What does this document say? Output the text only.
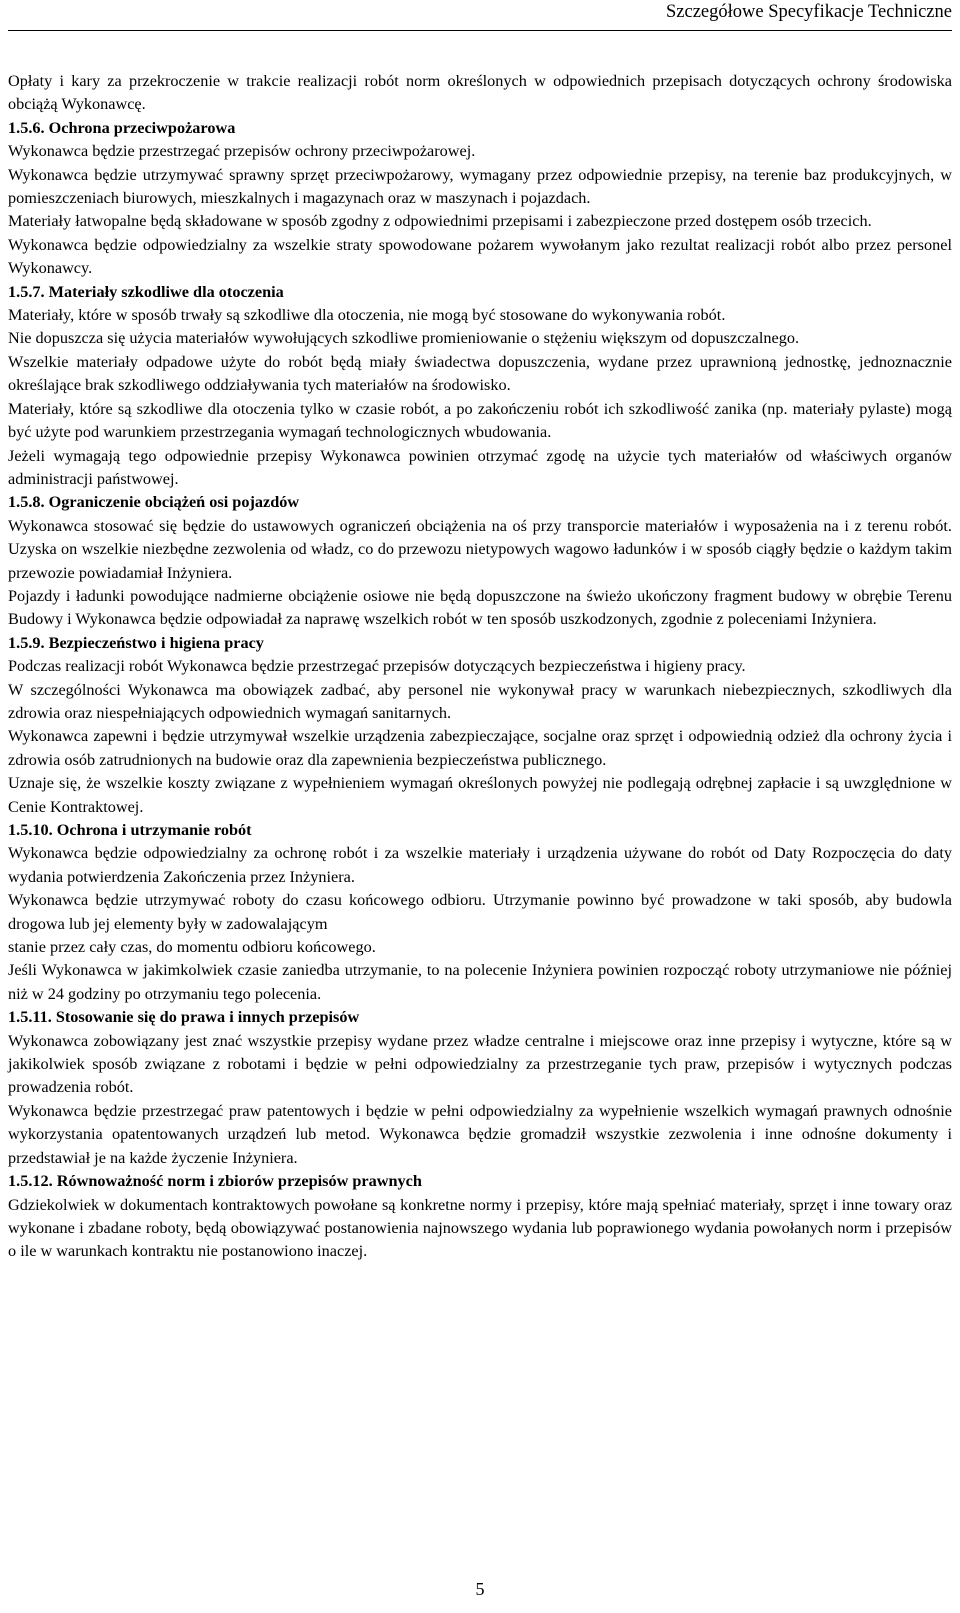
Szczegółowe Specyfikacje Techniczne

Opłaty i kary za przekroczenie w trakcie realizacji robót norm określonych w odpowiednich przepisach dotyczących ochrony środowiska obciążą Wykonawcę.

1.5.6. Ochrona przeciwpożarowa

Wykonawca będzie przestrzegać przepisów ochrony przeciwpożarowej.

Wykonawca będzie utrzymywać sprawny sprzęt przeciwpożarowy, wymagany przez odpowiednie przepisy, na terenie baz produkcyjnych, w pomieszczeniach biurowych, mieszkalnych i magazynach oraz w maszynach i pojazdach.

Materiały łatwopalne będą składowane w sposób zgodny z odpowiednimi przepisami i zabezpieczone przed dostępem osób trzecich.

Wykonawca będzie odpowiedzialny za wszelkie straty spowodowane pożarem wywołanym jako rezultat realizacji robót albo przez personel Wykonawcy.

1.5.7. Materiały szkodliwe dla otoczenia

Materiały, które w sposób trwały są szkodliwe dla otoczenia, nie mogą być stosowane do wykonywania robót.

Nie dopuszcza się użycia materiałów wywołujących szkodliwe promieniowanie o stężeniu większym od dopuszczalnego.

Wszelkie materiały odpadowe użyte do robót będą miały świadectwa dopuszczenia, wydane przez uprawnioną jednostkę, jednoznacznie określające brak szkodliwego oddziaływania tych materiałów na środowisko.

Materiały, które są szkodliwe dla otoczenia tylko w czasie robót, a po zakończeniu robót ich szkodliwość zanika (np. materiały pylaste) mogą być użyte pod warunkiem przestrzegania wymagań technologicznych wbudowania.

Jeżeli wymagają tego odpowiednie przepisy Wykonawca powinien otrzymać zgodę na użycie tych materiałów od właściwych organów administracji państwowej.

1.5.8. Ograniczenie obciążeń osi pojazdów

Wykonawca stosować się będzie do ustawowych ograniczeń obciążenia na oś przy transporcie materiałów i wyposażenia na i z terenu robót. Uzyska on wszelkie niezbędne zezwolenia od władz, co do przewozu nietypowych wagowo ładunków i w sposób ciągły będzie o każdym takim przewozie powiadamiał Inżyniera.

Pojazdy i ładunki powodujące nadmierne obciążenie osiowe nie będą dopuszczone na świeżo ukończony fragment budowy w obrębie Terenu Budowy i Wykonawca będzie odpowiadał za naprawę wszelkich robót w ten sposób uszkodzonych, zgodnie z poleceniami Inżyniera.

1.5.9. Bezpieczeństwo i higiena pracy

Podczas realizacji robót Wykonawca będzie przestrzegać przepisów dotyczących bezpieczeństwa i higieny pracy.

W szczególności Wykonawca ma obowiązek zadbać, aby personel nie wykonywał pracy w warunkach niebezpiecznych, szkodliwych dla zdrowia oraz niespełniających odpowiednich wymagań sanitarnych.

Wykonawca zapewni i będzie utrzymywał wszelkie urządzenia zabezpieczające, socjalne oraz sprzęt i odpowiednią odzież dla ochrony życia i zdrowia osób zatrudnionych na budowie oraz dla zapewnienia bezpieczeństwa publicznego.

Uznaje się, że wszelkie koszty związane z wypełnieniem wymagań określonych powyżej nie podlegają odrębnej zapłacie i są uwzględnione w Cenie Kontraktowej.

1.5.10. Ochrona i utrzymanie robót

Wykonawca będzie odpowiedzialny za ochronę robót i za wszelkie materiały i urządzenia używane do robót od Daty Rozpoczęcia do daty wydania potwierdzenia Zakończenia przez Inżyniera.

Wykonawca będzie utrzymywać roboty do czasu końcowego odbioru. Utrzymanie powinno być prowadzone w taki sposób, aby budowla drogowa lub jej elementy były w zadowalającym
stanie przez cały czas, do momentu odbioru końcowego.

Jeśli Wykonawca w jakimkolwiek czasie zaniedba utrzymanie, to na polecenie Inżyniera powinien rozpocząć roboty utrzymaniowe nie później niż w 24 godziny po otrzymaniu tego polecenia.

1.5.11. Stosowanie się do prawa i innych przepisów

Wykonawca zobowiązany jest znać wszystkie przepisy wydane przez władze centralne i miejscowe oraz inne przepisy i wytyczne, które są w jakikolwiek sposób związane z robotami i będzie w pełni odpowiedzialny za przestrzeganie tych praw, przepisów i wytycznych podczas prowadzenia robót.

Wykonawca będzie przestrzegać praw patentowych i będzie w pełni odpowiedzialny za wypełnienie wszelkich wymagań prawnych odnośnie wykorzystania opatentowanych urządzeń lub metod. Wykonawca będzie gromadził wszystkie zezwolenia i inne odnośne dokumenty i przedstawiał je na każde życzenie Inżyniera.

1.5.12. Równoważność norm i zbiorów przepisów prawnych

Gdziekolwiek w dokumentach kontraktowych powołane są konkretne normy i przepisy, które mają spełniać materiały, sprzęt i inne towary oraz wykonane i zbadane roboty, będą obowiązywać postanowienia najnowszego wydania lub poprawionego wydania powołanych norm i przepisów o ile w warunkach kontraktu nie postanowiono inaczej.

5
